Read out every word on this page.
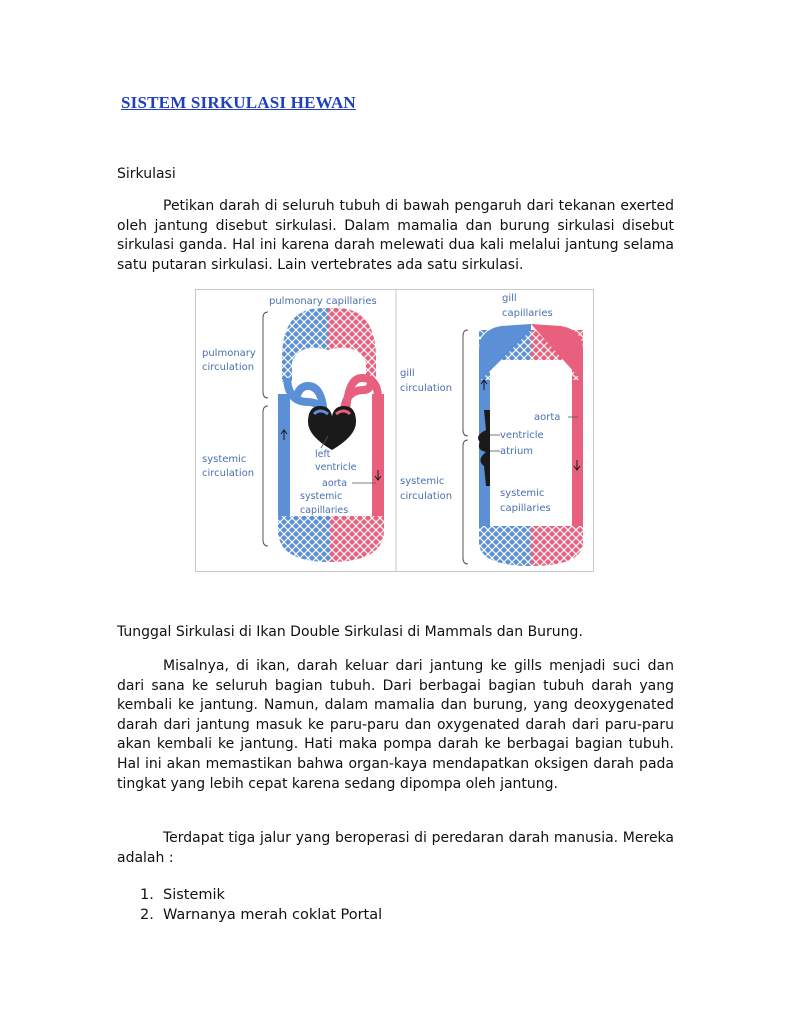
SISTEM SIRKULASI HEWAN

Sirkulasi

Petikan darah di seluruh tubuh di bawah pengaruh dari tekanan exerted oleh jantung disebut sirkulasi. Dalam mamalia dan burung sirkulasi disebut sirkulasi ganda. Hal ini karena darah melewati dua kali melalui jantung selama satu putaran sirkulasi. Lain vertebrates ada satu sirkulasi.

pulmonary capillaries
pulmonary
circulation
systemic
circulation
left
ventricle
aorta
systemic
capillaries
gill
capillaries
gill
circulation
aorta
ventricle
atrium
systemic
circulation	systemic
capillaries

Tunggal Sirkulasi di Ikan Double Sirkulasi di Mammals dan Burung.

Misalnya, di ikan, darah keluar dari jantung ke gills menjadi suci dan dari sana ke seluruh bagian tubuh. Dari berbagai bagian tubuh darah yang kembali ke jantung. Namun, dalam mamalia dan burung, yang deoxygenated darah dari jantung masuk ke paru-paru dan oxygenated darah dari paru-paru akan kembali ke jantung. Hati maka pompa darah ke berbagai bagian tubuh. Hal ini akan memastikan bahwa organ-kaya mendapatkan oksigen darah pada tingkat yang lebih cepat karena sedang dipompa oleh jantung.

Terdapat tiga jalur yang beroperasi di peredaran darah manusia. Mereka adalah :

1. Sistemik
2. Warnanya merah coklat Portal
